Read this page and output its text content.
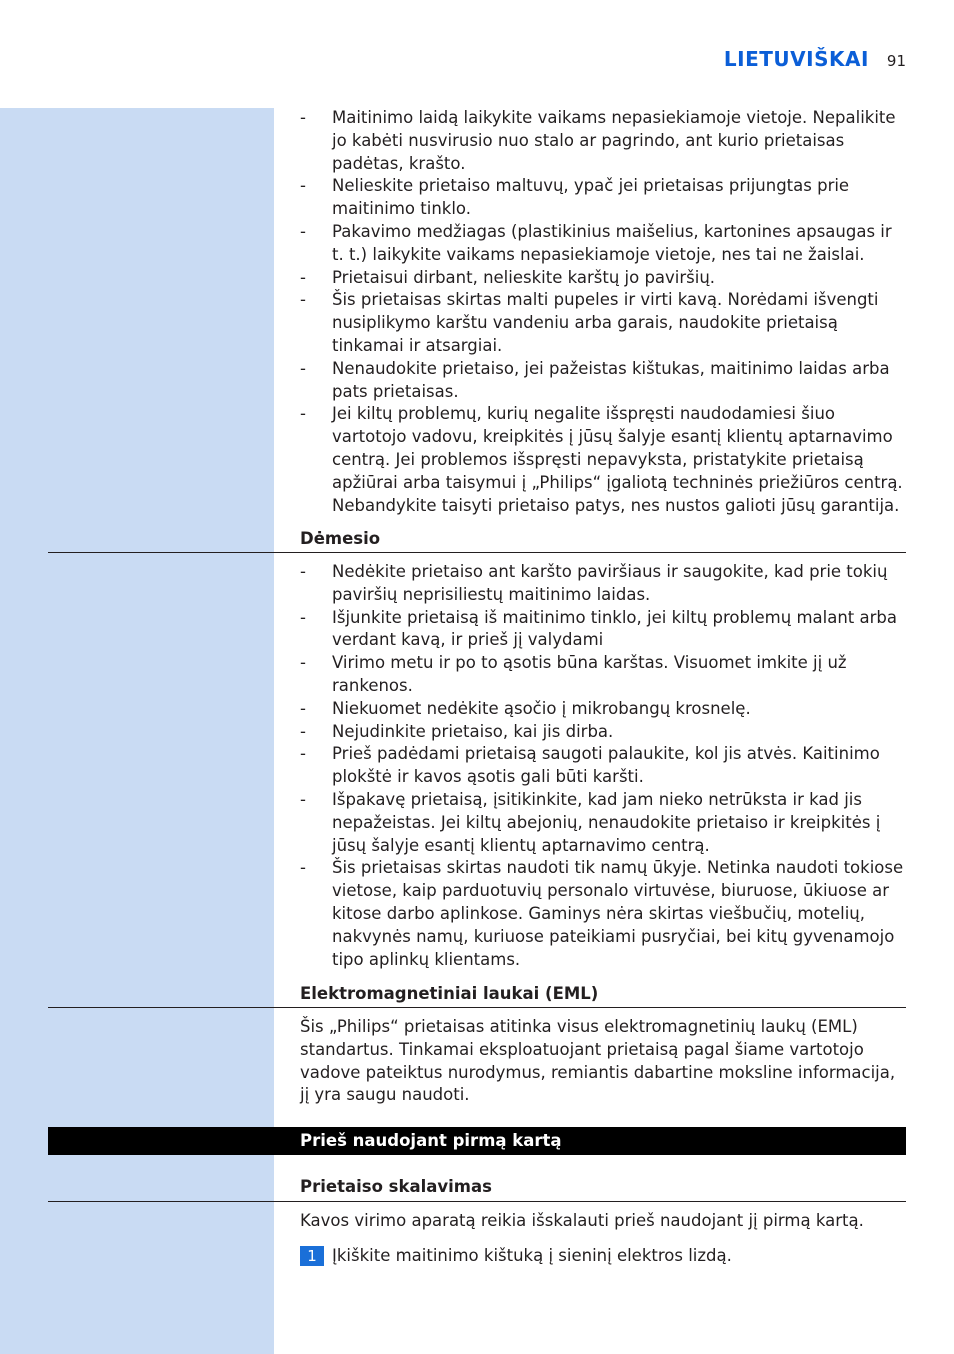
LIETUVIŠKAI 91
- Maitinimo laidą laikykite vaikams nepasiekiamoje vietoje. Nepalikite jo kabėti nusvirusio nuo stalo ar pagrindo, ant kurio prietaisas padėtas, krašto.
- Nelieskite prietaiso maltuvų, ypač jei prietaisas prijungtas prie maitinimo tinklo.
- Pakavimo medžiagas (plastikinius maišelius, kartonines apsaugas ir t. t.) laikykite vaikams nepasiekiamoje vietoje, nes tai ne žaislai.
- Prietaisui dirbant, nelieskite karštų jo paviršių.
- Šis prietaisas skirtas malti pupeles ir virti kavą. Norėdami išvengti nusiplikymo karštu vandeniu arba garais, naudokite prietaisą tinkamai ir atsargiai.
- Nenaudokite prietaiso, jei pažeistas kištukas, maitinimo laidas arba pats prietaisas.
- Jei kiltų problemų, kurių negalite išspręsti naudodamiesi šiuo vartotojo vadovu, kreipkitės į jūsų šalyje esantį klientų aptarnavimo centrą. Jei problemos išspręsti nepavyksta, pristatykite prietaisą apžiūrai arba taisymui į „Philips“ įgaliotą techninės priežiūros centrą. Nebandykite taisyti prietaiso patys, nes nustos galioti jūsų garantija.
Dėmesio
- Nedėkite prietaiso ant karšto paviršiaus ir saugokite, kad prie tokių paviršių neprisiliestų maitinimo laidas.
- Išjunkite prietaisą iš maitinimo tinklo, jei kiltų problemų malant arba verdant kavą, ir prieš jį valydami
- Virimo metu ir po to ąsotis būna karštas. Visuomet imkite jį už rankenos.
- Niekuomet nedėkite ąsočio į mikrobangų krosnelę.
- Nejudinkite prietaiso, kai jis dirba.
- Prieš padėdami prietaisą saugoti palaukite, kol jis atvės. Kaitinimo plokštė ir kavos ąsotis gali būti karšti.
- Išpakavę prietaisą, įsitikinkite, kad jam nieko netrūksta ir kad jis nepažeistas. Jei kiltų abejonių, nenaudokite prietaiso ir kreipkitės į jūsų šalyje esantį klientų aptarnavimo centrą.
- Šis prietaisas skirtas naudoti tik namų ūkyje. Netinka naudoti tokiose vietose, kaip parduotuvių personalo virtuvėse, biuruose, ūkiuose ar kitose darbo aplinkose. Gaminys nėra skirtas viešbučių, motelių, nakvynės namų, kuriuose pateikiami pusryčiai, bei kitų gyvenamojo tipo aplinkų klientams.
Elektromagnetiniai laukai (EML)
Šis „Philips“ prietaisas atitinka visus elektromagnetinių laukų (EML) standartus. Tinkamai eksploatuojant prietaisą pagal šiame vartotojo vadove pateiktus nurodymus, remiantis dabartine moksline informacija, jį yra saugu naudoti.
Prieš naudojant pirmą kartą
Prietaiso skalavimas
Kavos virimo aparatą reikia išskalauti prieš naudojant jį pirmą kartą.
1 Įkiškite maitinimo kištuką į sieninį elektros lizdą.
